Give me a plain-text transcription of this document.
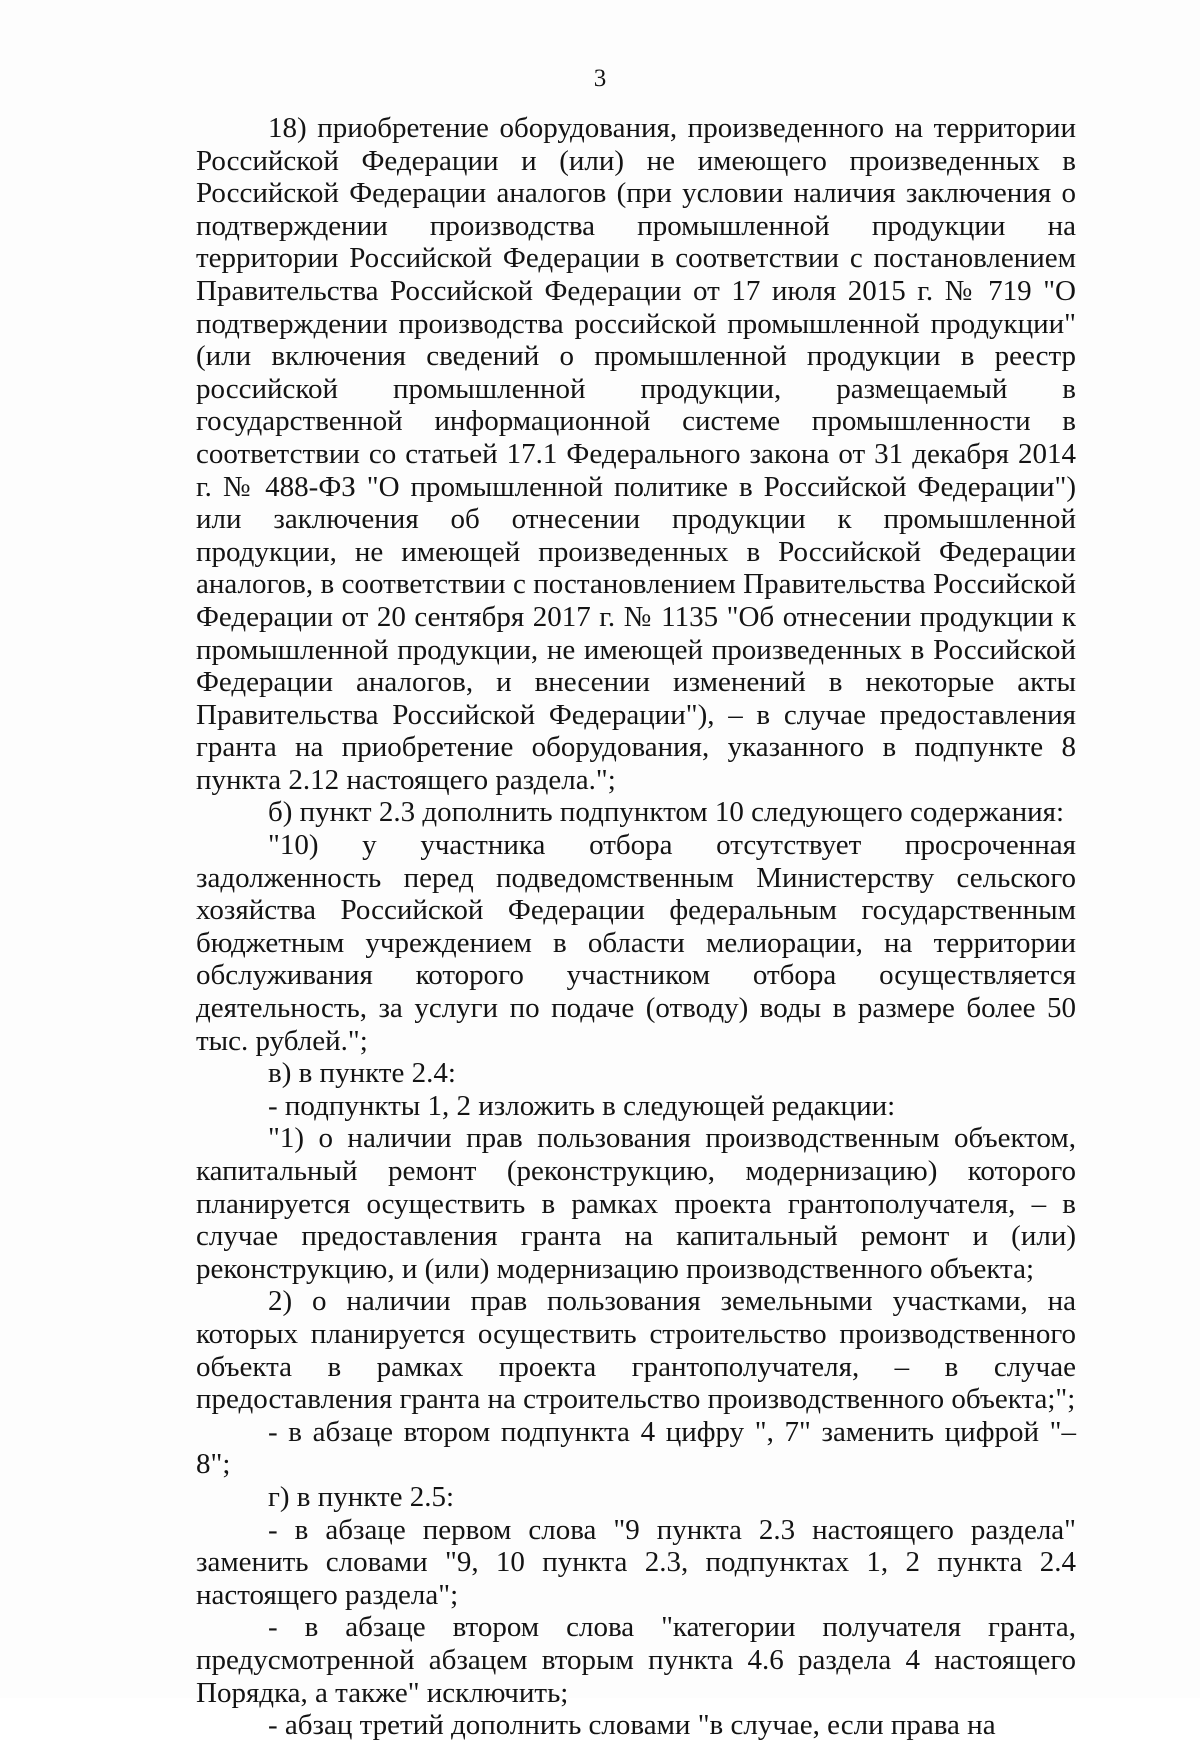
3

18) приобретение оборудования, произведенного на территории Российской Федерации и (или) не имеющего произведенных в Российской Федерации аналогов (при условии наличия заключения о подтверждении производства промышленной продукции на территории Российской Федерации в соответствии с постановлением Правительства Российской Федерации от 17 июля 2015 г. № 719 "О подтверждении производства российской промышленной продукции" (или включения сведений о промышленной продукции в реестр российской промышленной продукции, размещаемый в государственной информационной системе промышленности в соответствии со статьей 17.1 Федерального закона от 31 декабря 2014 г. № 488-ФЗ "О промышленной политике в Российской Федерации") или заключения об отнесении продукции к промышленной продукции, не имеющей произведенных в Российской Федерации аналогов, в соответствии с постановлением Правительства Российской Федерации от 20 сентября 2017 г. № 1135 "Об отнесении продукции к промышленной продукции, не имеющей произведенных в Российской Федерации аналогов, и внесении изменений в некоторые акты Правительства Российской Федерации"), – в случае предоставления гранта на приобретение оборудования, указанного в подпункте 8 пункта 2.12 настоящего раздела.";

б) пункт 2.3 дополнить подпунктом 10 следующего содержания:

"10) у участника отбора отсутствует просроченная задолженность перед подведомственным Министерству сельского хозяйства Российской Федерации федеральным государственным бюджетным учреждением в области мелиорации, на территории обслуживания которого участником отбора осуществляется деятельность, за услуги по подаче (отводу) воды в размере более 50 тыс. рублей.";

в) в пункте 2.4:

- подпункты 1, 2 изложить в следующей редакции:

"1) о наличии прав пользования производственным объектом, капитальный ремонт (реконструкцию, модернизацию) которого планируется осуществить в рамках проекта грантополучателя, – в случае предоставления гранта на капитальный ремонт и (или) реконструкцию, и (или) модернизацию производственного объекта;

2) о наличии прав пользования земельными участками, на которых планируется осуществить строительство производственного объекта в рамках проекта грантополучателя, – в случае предоставления гранта на строительство производственного объекта;";

- в абзаце втором подпункта 4 цифру ", 7" заменить цифрой "– 8";

г) в пункте 2.5:

- в абзаце первом слова "9 пункта 2.3 настоящего раздела" заменить словами "9, 10 пункта 2.3, подпунктах 1, 2 пункта 2.4 настоящего раздела";

- в абзаце втором слова "категории получателя гранта, предусмотренной абзацем вторым пункта 4.6 раздела 4 настоящего Порядка, а также" исключить;

- абзац третий дополнить словами "в случае, если права на
